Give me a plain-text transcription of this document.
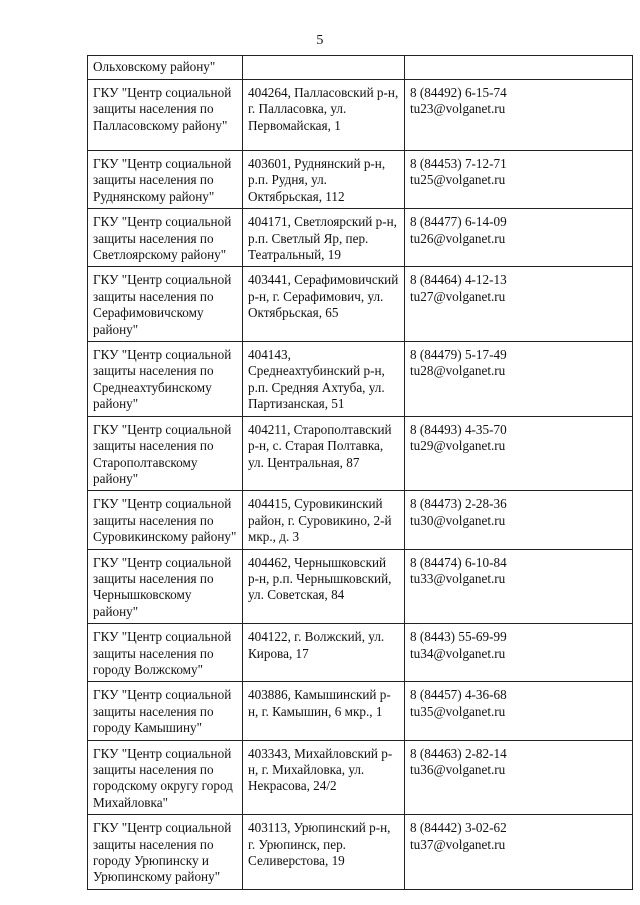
5
Ольховскому району"		

ГКУ "Центр социальной защиты населения по Палласовскому району"	404264, Палласовский р-н, г. Палласовка, ул. Первомайская, 1	8 (84492) 6-15-74
tu23@volganet.ru

ГКУ "Центр социальной защиты населения по Руднянскому району"	403601, Руднянский р-н, р.п. Рудня, ул. Октябрьская, 112	8 (84453) 7-12-71
tu25@volganet.ru

ГКУ "Центр социальной защиты населения по Светлоярскому району"	404171, Светлоярский р-н, р.п. Светлый Яр, пер. Театральный, 19	8 (84477) 6-14-09
tu26@volganet.ru

ГКУ "Центр социальной защиты населения по Серафимовичскому району"	403441, Серафимовичский р-н, г. Серафимович, ул. Октябрьская, 65	8 (84464) 4-12-13
tu27@volganet.ru

ГКУ "Центр социальной защиты населения по Среднеахтубинскому району"	404143, Среднеахтубинский р-н, р.п. Средняя Ахтуба, ул. Партизанская, 51	8 (84479) 5-17-49
tu28@volganet.ru

ГКУ "Центр социальной защиты населения по Старополтавскому району"	404211, Старополтавский р-н, с. Старая Полтавка, ул. Центральная, 87	8 (84493) 4-35-70
tu29@volganet.ru

ГКУ "Центр социальной защиты населения по Суровикинскому району"	404415, Суровикинский район, г. Суровикино, 2-й мкр., д. 3	8 (84473) 2-28-36
tu30@volganet.ru

ГКУ "Центр социальной защиты населения по Чернышковскому району"	404462, Чернышковский р-н, р.п. Чернышковский, ул. Советская, 84	8 (84474) 6-10-84
tu33@volganet.ru

ГКУ "Центр социальной защиты населения по городу Волжскому"	404122, г. Волжский, ул. Кирова, 17	8 (8443) 55-69-99
tu34@volganet.ru

ГКУ "Центр социальной защиты населения по городу Камышину"	403886, Камышинский р-н, г. Камышин, 6 мкр., 1	8 (84457) 4-36-68
tu35@volganet.ru

ГКУ "Центр социальной защиты населения по городскому округу город Михайловка"	403343, Михайловский р-н, г. Михайловка, ул. Некрасова, 24/2	8 (84463) 2-82-14
tu36@volganet.ru

ГКУ "Центр социальной защиты населения по городу Урюпинску и Урюпинскому району"	403113, Урюпинский р-н, г. Урюпинск, пер. Селиверстова, 19	8 (84442) 3-02-62
tu37@volganet.ru
